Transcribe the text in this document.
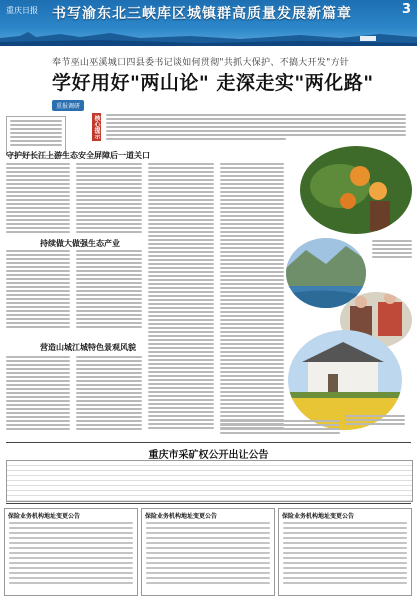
重庆日报 书写渝东北三峡库区城镇群高质量发展新篇章	3
奉节巫山巫溪城口四县委书记谈如何贯彻"共抓大保护、不搞大开发"方针
学好用好"两山论" 走深走实"两化路"
重报调研
核心提示
守护好长江上游生态安全屏障后一道关口
持续做大做强生态产业
营造山城江城特色景观风貌
重庆市采矿权公开出让公告
保险业务机构地址变更公告	保险业务机构地址变更公告	保险业务机构地址变更公告
